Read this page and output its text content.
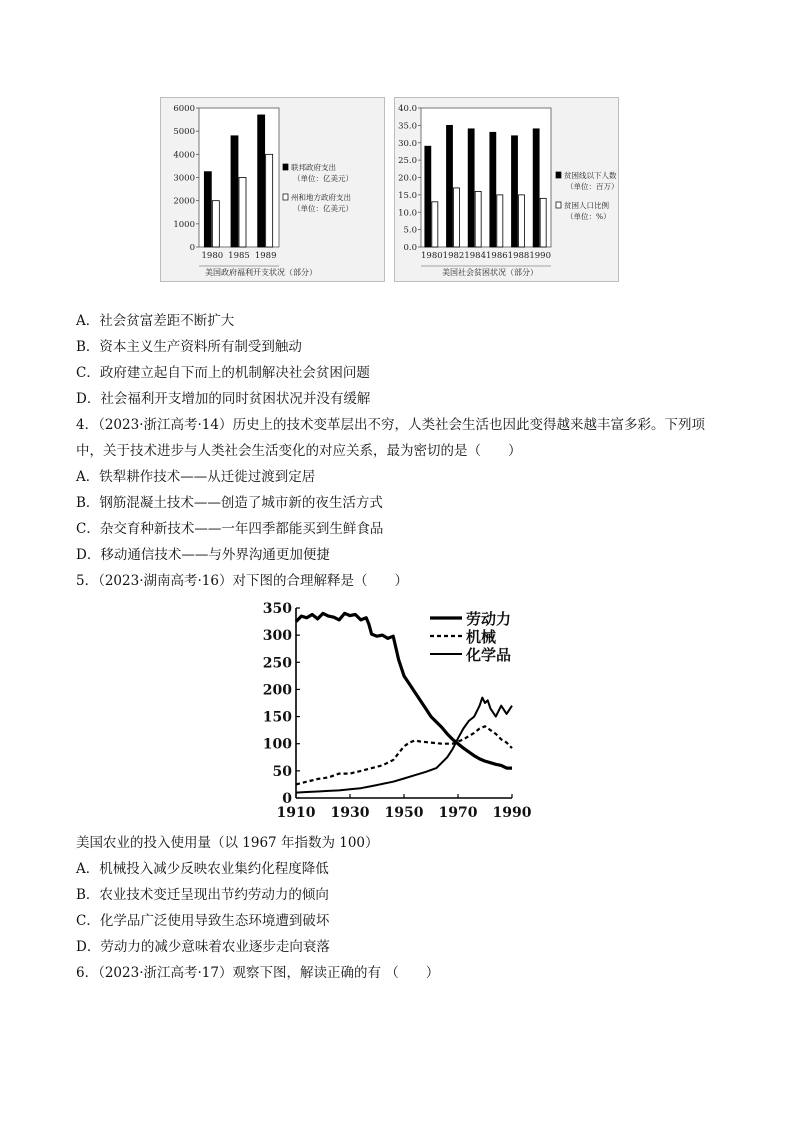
0
1000
2000
3000
4000
5000
6000
1980 1985 1989
联邦政府支出
（单位：亿美元）
州和地方政府支出
（单位：亿美元）
美国政府福利开支状况（部分）
0.0
5.0
10.0
15.0
20.0
25.0
30.0
35.0
40.0
1980 1982 1984 1986 1988 1990
贫困线以下人数
（单位：百万）
贫困人口比例
（单位：%）
美国社会贫困状况（部分）
A．社会贫富差距不断扩大
B．资本主义生产资料所有制受到触动
C．政府建立起自下而上的机制解决社会贫困问题
D．社会福利开支增加的同时贫困状况并没有缓解
4．（2023·浙江高考·14）历史上的技术变革层出不穷，人类社会生活也因此变得越来越丰富多彩。下列项
中，关于技术进步与人类社会生活变化的对应关系，最为密切的是（　　）
A．铁犁耕作技术——从迁徙过渡到定居
B．钢筋混凝土技术——创造了城市新的夜生活方式
C．杂交育种新技术——一年四季都能买到生鲜食品
D．移动通信技术——与外界沟通更加便捷
5．（2023·湖南高考·16）对下图的合理解释是（　　）
0
50
100
150
200
250
300
350
1910 1930 1950 1970 1990
劳动力
机械
化学品
美国农业的投入使用量（以 1967 年指数为 100）
A．机械投入减少反映农业集约化程度降低
B．农业技术变迁呈现出节约劳动力的倾向
C．化学品广泛使用导致生态环境遭到破坏
D．劳动力的减少意味着农业逐步走向衰落
6．（2023·浙江高考·17）观察下图，解读正确的有 （　　）
